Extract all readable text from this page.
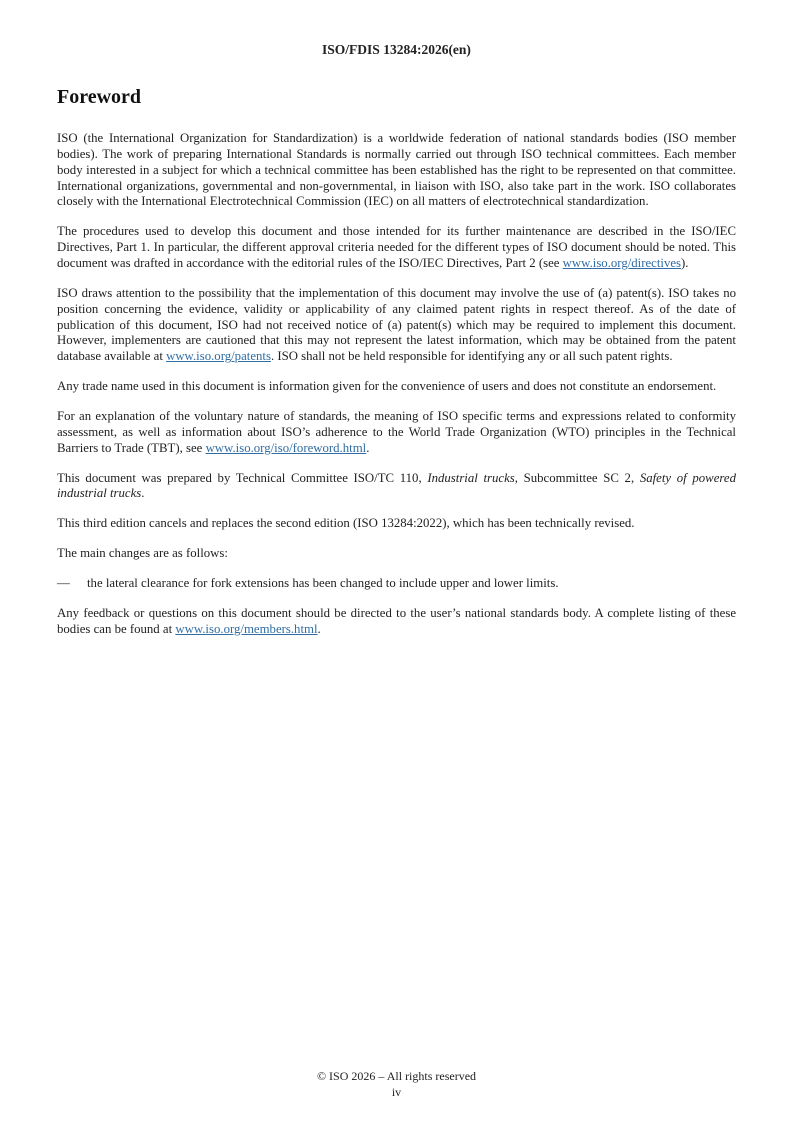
ISO/FDIS 13284:2026(en)
Foreword

ISO (the International Organization for Standardization) is a worldwide federation of national standards bodies (ISO member bodies). The work of preparing International Standards is normally carried out through ISO technical committees. Each member body interested in a subject for which a technical committee has been established has the right to be represented on that committee. International organizations, governmental and non-governmental, in liaison with ISO, also take part in the work. ISO collaborates closely with the International Electrotechnical Commission (IEC) on all matters of electrotechnical standardization.

The procedures used to develop this document and those intended for its further maintenance are described in the ISO/IEC Directives, Part 1. In particular, the different approval criteria needed for the different types of ISO document should be noted. This document was drafted in accordance with the editorial rules of the ISO/IEC Directives, Part 2 (see www.iso.org/directives).

ISO draws attention to the possibility that the implementation of this document may involve the use of (a) patent(s). ISO takes no position concerning the evidence, validity or applicability of any claimed patent rights in respect thereof. As of the date of publication of this document, ISO had not received notice of (a) patent(s) which may be required to implement this document. However, implementers are cautioned that this may not represent the latest information, which may be obtained from the patent database available at www.iso.org/patents. ISO shall not be held responsible for identifying any or all such patent rights.

Any trade name used in this document is information given for the convenience of users and does not constitute an endorsement.

For an explanation of the voluntary nature of standards, the meaning of ISO specific terms and expressions related to conformity assessment, as well as information about ISO’s adherence to the World Trade Organization (WTO) principles in the Technical Barriers to Trade (TBT), see www.iso.org/iso/foreword.html.

This document was prepared by Technical Committee ISO/TC 110, Industrial trucks, Subcommittee SC 2, Safety of powered industrial trucks.

This third edition cancels and replaces the second edition (ISO 13284:2022), which has been technically revised.

The main changes are as follows:

—	the lateral clearance for fork extensions has been changed to include upper and lower limits.

Any feedback or questions on this document should be directed to the user’s national standards body. A complete listing of these bodies can be found at www.iso.org/members.html.

© ISO 2026 – All rights reserved
iv
